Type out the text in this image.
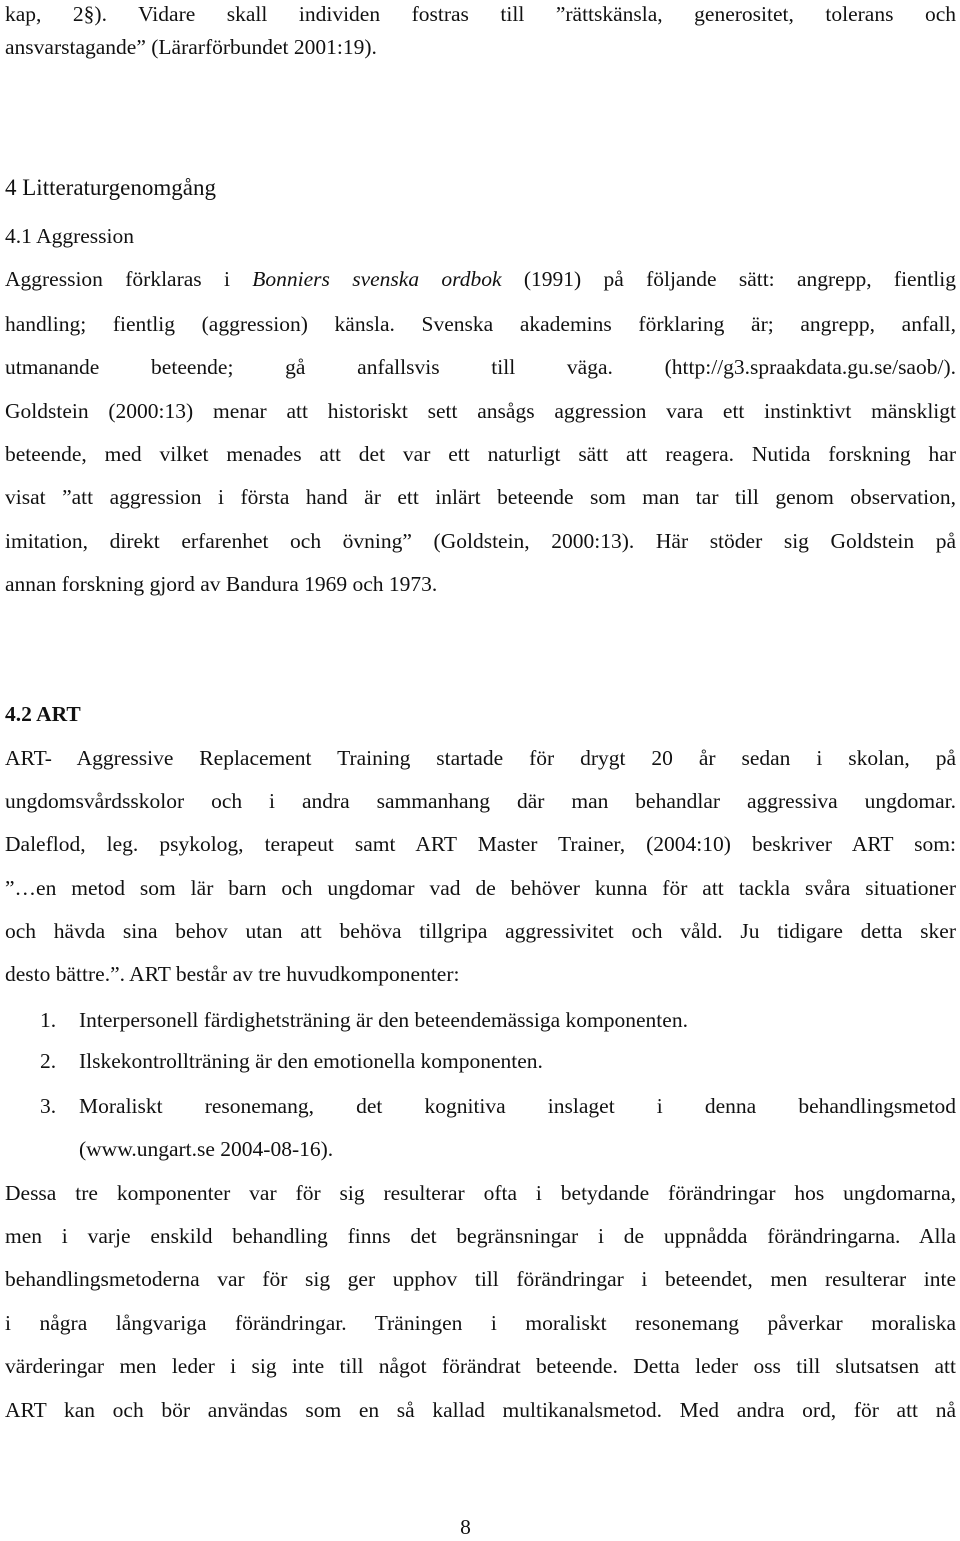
kap, 2§). Vidare skall individen fostras till ”rättskänsla, generositet, tolerans och
ansvarstagande” (Lärarförbundet 2001:19).
4 Litteraturgenomgång
4.1 Aggression
Aggression förklaras i Bonniers svenska ordbok (1991) på följande sätt: angrepp, fientlig
handling; fientlig (aggression) känsla. Svenska akademins förklaring är; angrepp, anfall,
utmanande beteende; gå anfallsvis till väga. (http://g3.spraakdata.gu.se/saob/).
Goldstein (2000:13) menar att historiskt sett ansågs aggression vara ett instinktivt mänskligt
beteende, med vilket menades att det var ett naturligt sätt att reagera. Nutida forskning har
visat ”att aggression i första hand är ett inlärt beteende som man tar till genom observation,
imitation, direkt erfarenhet och övning” (Goldstein, 2000:13). Här stöder sig Goldstein på
annan forskning gjord av Bandura 1969 och 1973.
4.2 ART
ART- Aggressive Replacement Training startade för drygt 20 år sedan i skolan, på
ungdomsvårdsskolor och i andra sammanhang där man behandlar aggressiva ungdomar.
Daleflod, leg. psykolog, terapeut samt ART Master Trainer, (2004:10) beskriver ART som:
”…en metod som lär barn och ungdomar vad de behöver kunna för att tackla svåra situationer
och hävda sina behov utan att behöva tillgripa aggressivitet och våld. Ju tidigare detta sker
desto bättre.”. ART består av tre huvudkomponenter:
1. Interpersonell färdighetsträning är den beteendemässiga komponenten.
2. Ilskekontrollträning är den emotionella komponenten.
3. Moraliskt resonemang, det kognitiva inslaget i denna behandlingsmetod
(www.ungart.se 2004-08-16).
Dessa tre komponenter var för sig resulterar ofta i betydande förändringar hos ungdomarna,
men i varje enskild behandling finns det begränsningar i de uppnådda förändringarna. Alla
behandlingsmetoderna var för sig ger upphov till förändringar i beteendet, men resulterar inte
i några långvariga förändringar. Träningen i moraliskt resonemang påverkar moraliska
värderingar men leder i sig inte till något förändrat beteende. Detta leder oss till slutsatsen att
ART kan och bör användas som en så kallad multikanalsmetod. Med andra ord, för att nå
8
